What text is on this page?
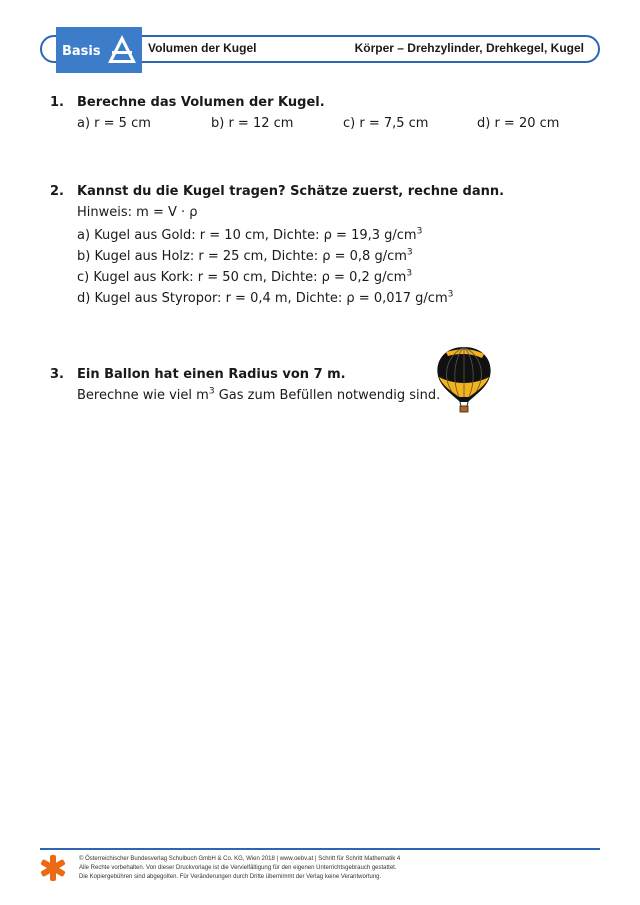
Basis	Volumen der Kugel	Körper – Drehzylinder, Drehkegel, Kugel
1. Berechne das Volumen der Kugel.
a) r = 5 cm	b) r = 12 cm	c) r = 7,5 cm	d) r = 20 cm
2. Kannst du die Kugel tragen? Schätze zuerst, rechne dann.
Hinweis: m = V · ρ
a) Kugel aus Gold: r = 10 cm, Dichte: ρ = 19,3 $g/cm^3$
b) Kugel aus Holz: r = 25 cm, Dichte: ρ = 0,8 $g/cm^3$
c) Kugel aus Kork: r = 50 cm, Dichte: ρ = 0,2 $g/cm^3$
d) Kugel aus Styropor: r = 0,4 m, Dichte: ρ = 0,017 $g/cm^3$
3. Ein Ballon hat einen Radius von 7 m.
Berechne wie viel $m^3$ Gas zum Befüllen notwendig sind.
© Österreichischer Bundesverlag Schulbuch GmbH & Co. KG, Wien 2018 | www.oebv.at | Schritt für Schritt Mathematik 4
Alle Rechte vorbehalten. Von dieser Druckvorlage ist die Vervielfältigung für den eigenen Unterrichtsgebrauch gestattet.
Die Kopiergebühren sind abgegolten. Für Veränderungen durch Dritte übernimmt der Verlag keine Verantwortung.
